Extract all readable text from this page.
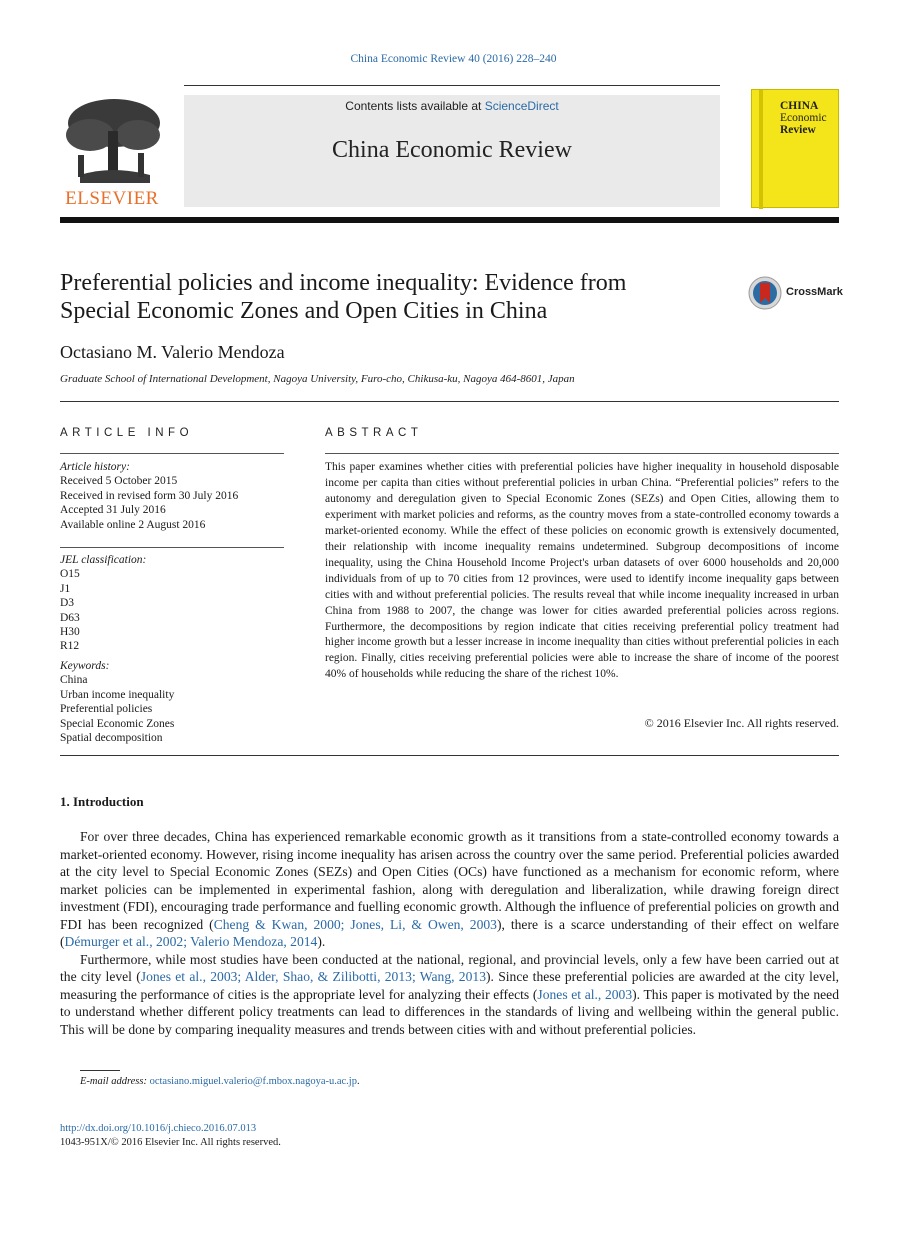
China Economic Review 40 (2016) 228–240
ELSEVIER
Contents lists available at ScienceDirect
China Economic Review
CHINA
Economic
Review
Preferential policies and income inequality: Evidence from
Special Economic Zones and Open Cities in China
CrossMark
Octasiano M. Valerio Mendoza
Graduate School of International Development, Nagoya University, Furo-cho, Chikusa-ku, Nagoya 464-8601, Japan
ARTICLE INFO
Article history:
Received 5 October 2015
Received in revised form 30 July 2016
Accepted 31 July 2016
Available online 2 August 2016
JEL classification:
O15
J1
D3
D63
H30
R12
Keywords:
China
Urban income inequality
Preferential policies
Special Economic Zones
Spatial decomposition
ABSTRACT
This paper examines whether cities with preferential policies have higher inequality in household disposable income per capita than cities without preferential policies in urban China. “Preferential policies” refers to the autonomy and deregulation given to Special Economic Zones (SEZs) and Open Cities, allowing them to experiment with market policies and reforms, as the country moves from a state-controlled economy towards a market-oriented economy. While the effect of these policies on economic growth is extensively documented, their relationship with income inequality remains undetermined. Subgroup decompositions of income inequality, using the China Household Income Project's urban datasets of over 6000 households and 20,000 individuals from of up to 70 cities from 12 provinces, were used to identify income inequality gaps between cities with and without preferential policies. The results reveal that while income inequality increased in urban China from 1988 to 2007, the change was lower for cities awarded preferential policies across regions. Furthermore, the decompositions by region indicate that cities receiving preferential policy treatment had higher income growth but a lesser increase in income inequality than cities without preferential policies in each region. Finally, cities receiving preferential policies were able to increase the share of income of the poorest 40% of households while reducing the share of the richest 10%.
© 2016 Elsevier Inc. All rights reserved.
1. Introduction

For over three decades, China has experienced remarkable economic growth as it transitions from a state-controlled economy towards a market-oriented economy. However, rising income inequality has arisen across the country over the same period. Preferential policies awarded at the city level to Special Economic Zones (SEZs) and Open Cities (OCs) have functioned as a mechanism for economic reform, where market policies can be implemented in experimental fashion, along with deregulation and liberalization, while drawing foreign direct investment (FDI), encouraging trade performance and fuelling economic growth. Although the influence of preferential policies on growth and FDI has been recognized (Cheng & Kwan, 2000; Jones, Li, & Owen, 2003), there is a scarce understanding of their effect on welfare (Démurger et al., 2002; Valerio Mendoza, 2014).

Furthermore, while most studies have been conducted at the national, regional, and provincial levels, only a few have been carried out at the city level (Jones et al., 2003; Alder, Shao, & Zilibotti, 2013; Wang, 2013). Since these preferential policies are awarded at the city level, measuring the performance of cities is the appropriate level for analyzing their effects (Jones et al., 2003). This paper is motivated by the need to understand whether different policy treatments can lead to differences in the standards of living and wellbeing within the general public. This will be done by comparing inequality measures and trends between cities with and without preferential policies.

E-mail address: octasiano.miguel.valerio@f.mbox.nagoya-u.ac.jp.
http://dx.doi.org/10.1016/j.chieco.2016.07.013
1043-951X/© 2016 Elsevier Inc. All rights reserved.
